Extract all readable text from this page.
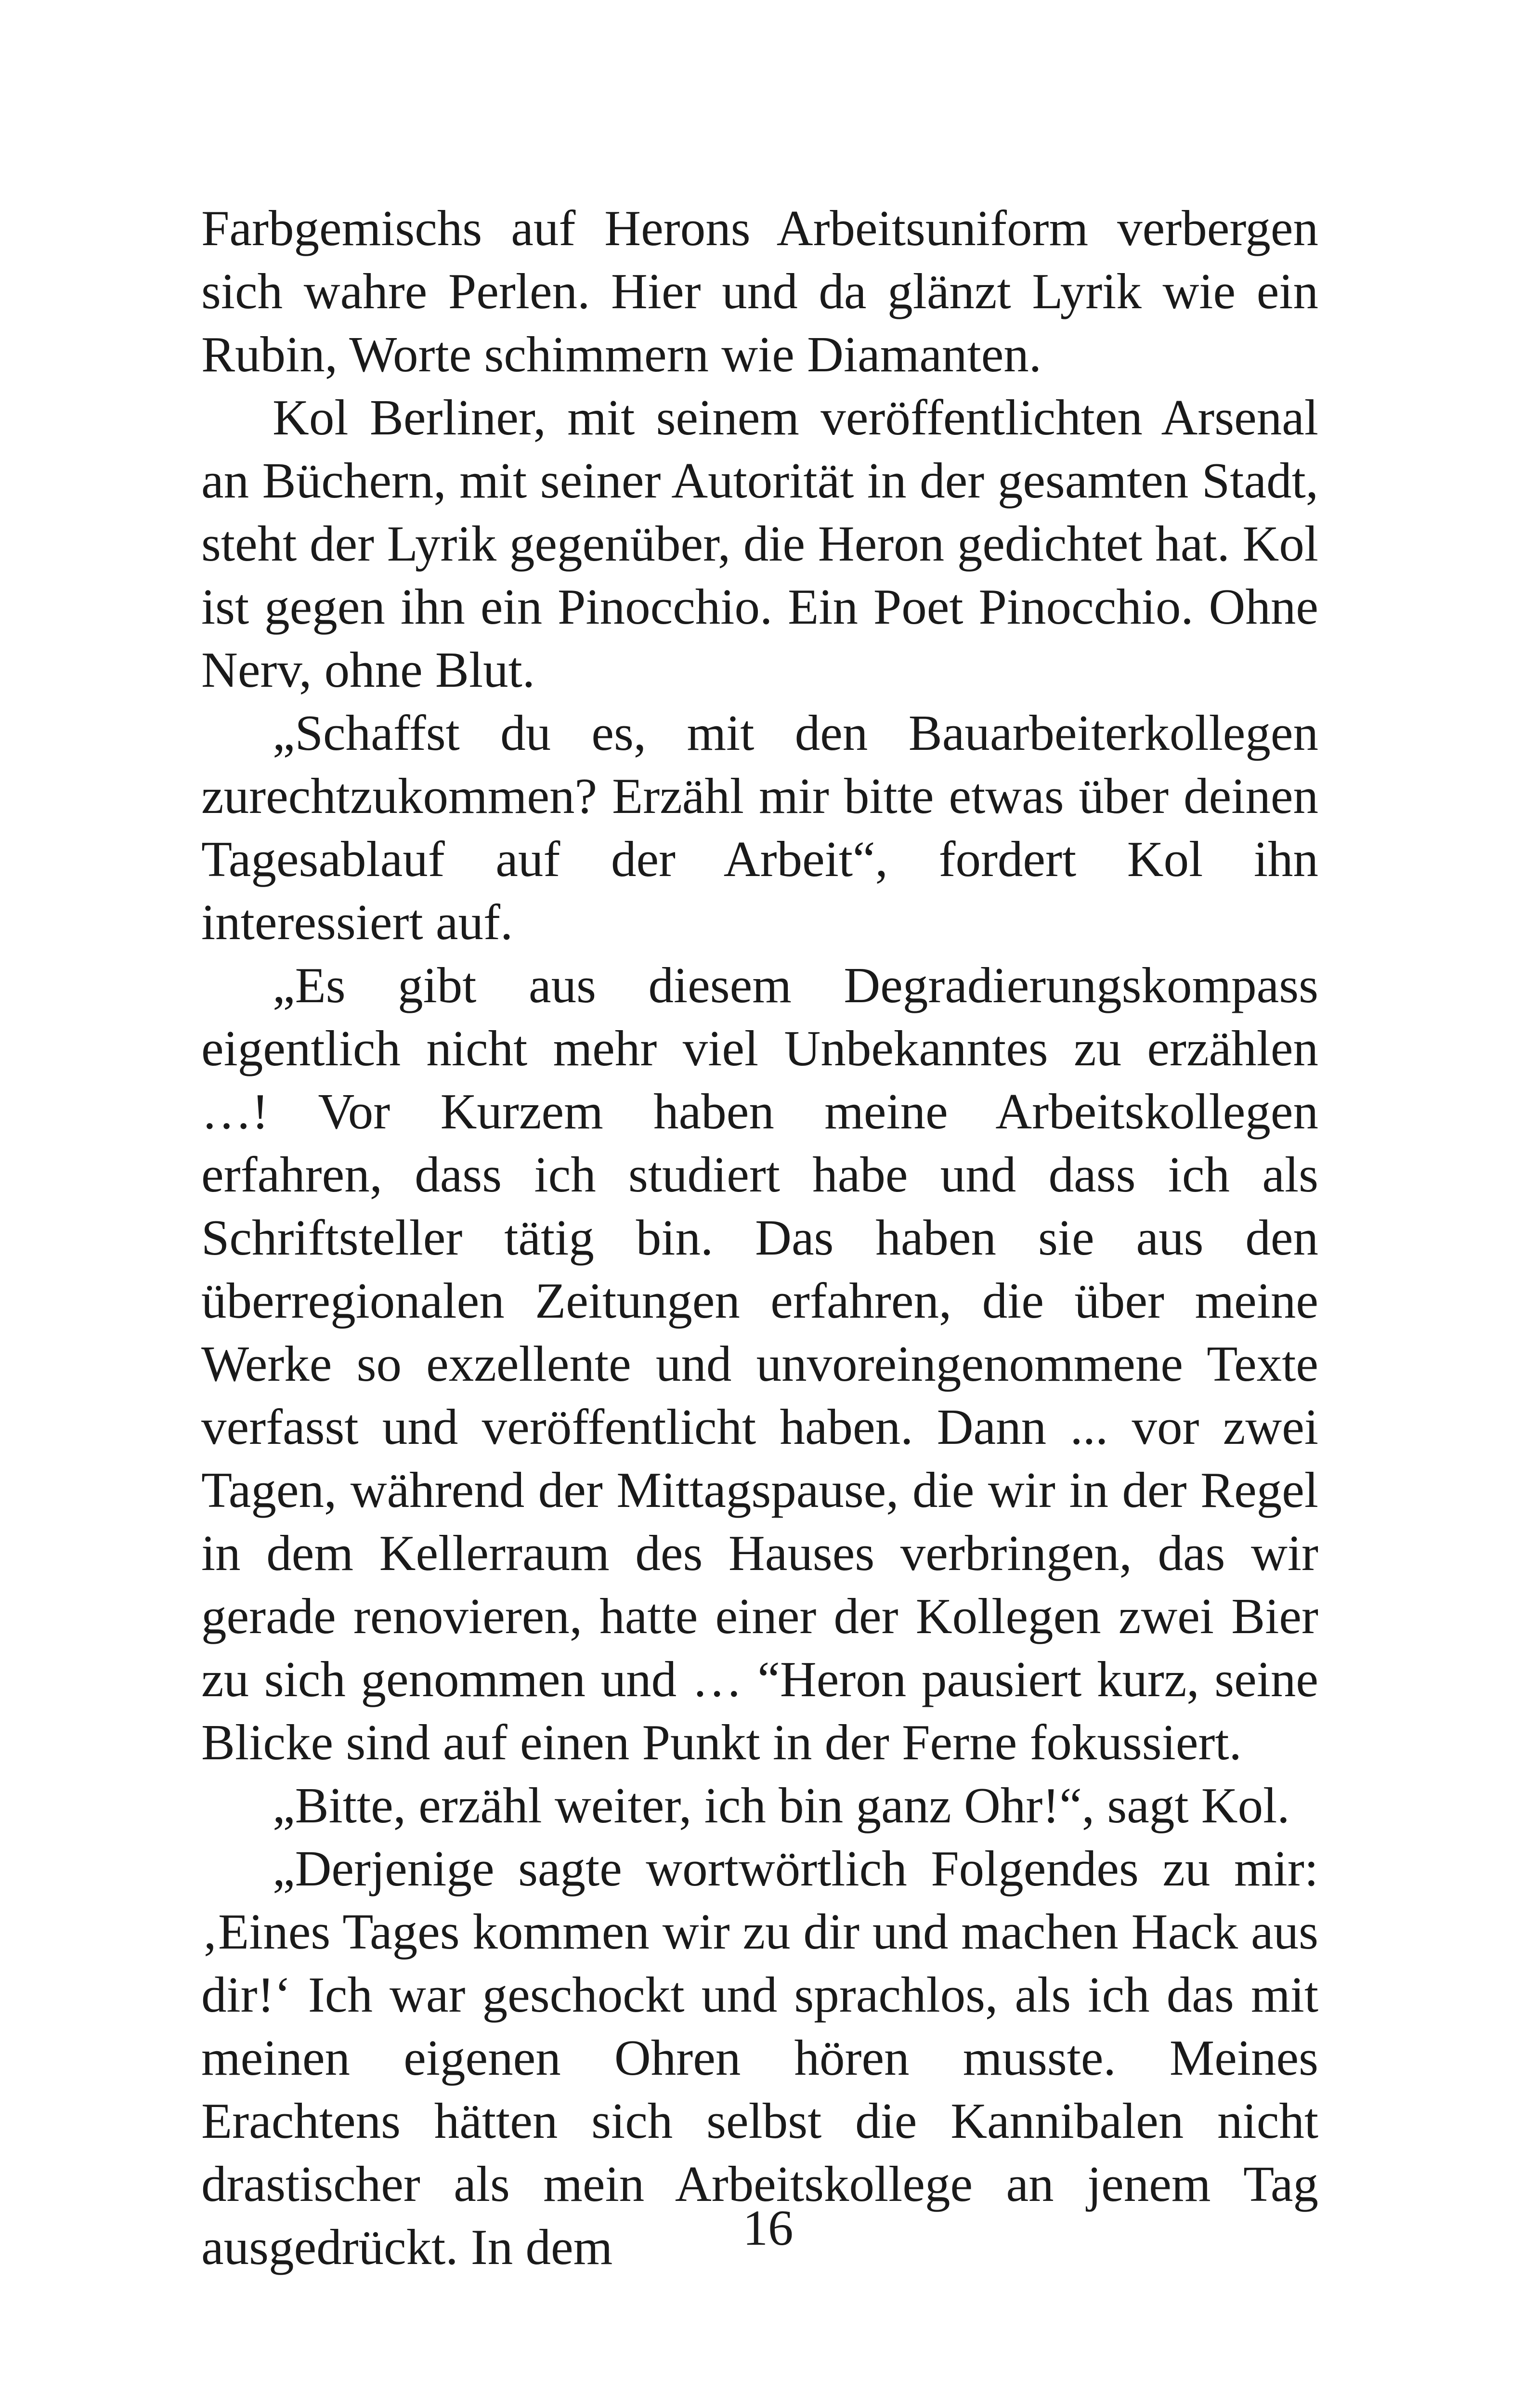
Farbgemischs auf Herons Arbeitsuniform verbergen sich wahre Perlen. Hier und da glänzt Lyrik wie ein Rubin, Worte schimmern wie Diamanten.

Kol Berliner, mit seinem veröffentlichten Arsenal an Büchern, mit seiner Autorität in der gesamten Stadt, steht der Lyrik gegenüber, die Heron gedichtet hat. Kol ist gegen ihn ein Pinocchio. Ein Poet Pinocchio. Ohne Nerv, ohne Blut.

„Schaffst du es, mit den Bauarbeiterkollegen zurechtzukommen? Erzähl mir bitte etwas über deinen Tagesablauf auf der Arbeit“, fordert Kol ihn interessiert auf.

„Es gibt aus diesem Degradierungskompass eigentlich nicht mehr viel Unbekanntes zu erzählen …! Vor Kurzem haben meine Arbeitskollegen erfahren, dass ich studiert habe und dass ich als Schriftsteller tätig bin. Das haben sie aus den überregionalen Zeitungen erfahren, die über meine Werke so exzellente und unvoreingenommene Texte verfasst und veröffentlicht haben. Dann ... vor zwei Tagen, während der Mittagspause, die wir in der Regel in dem Kellerraum des Hauses verbringen, das wir gerade renovieren, hatte einer der Kollegen zwei Bier zu sich genommen und … “Heron pausiert kurz, seine Blicke sind auf einen Punkt in der Ferne fokussiert.

„Bitte, erzähl weiter, ich bin ganz Ohr!“, sagt Kol.

„Derjenige sagte wortwörtlich Folgendes zu mir: ‚Eines Tages kommen wir zu dir und machen Hack aus dir!‘ Ich war geschockt und sprachlos, als ich das mit meinen eigenen Ohren hören musste. Meines Erachtens hätten sich selbst die Kannibalen nicht drastischer als mein Arbeitskollege an jenem Tag ausgedrückt. In dem	16
